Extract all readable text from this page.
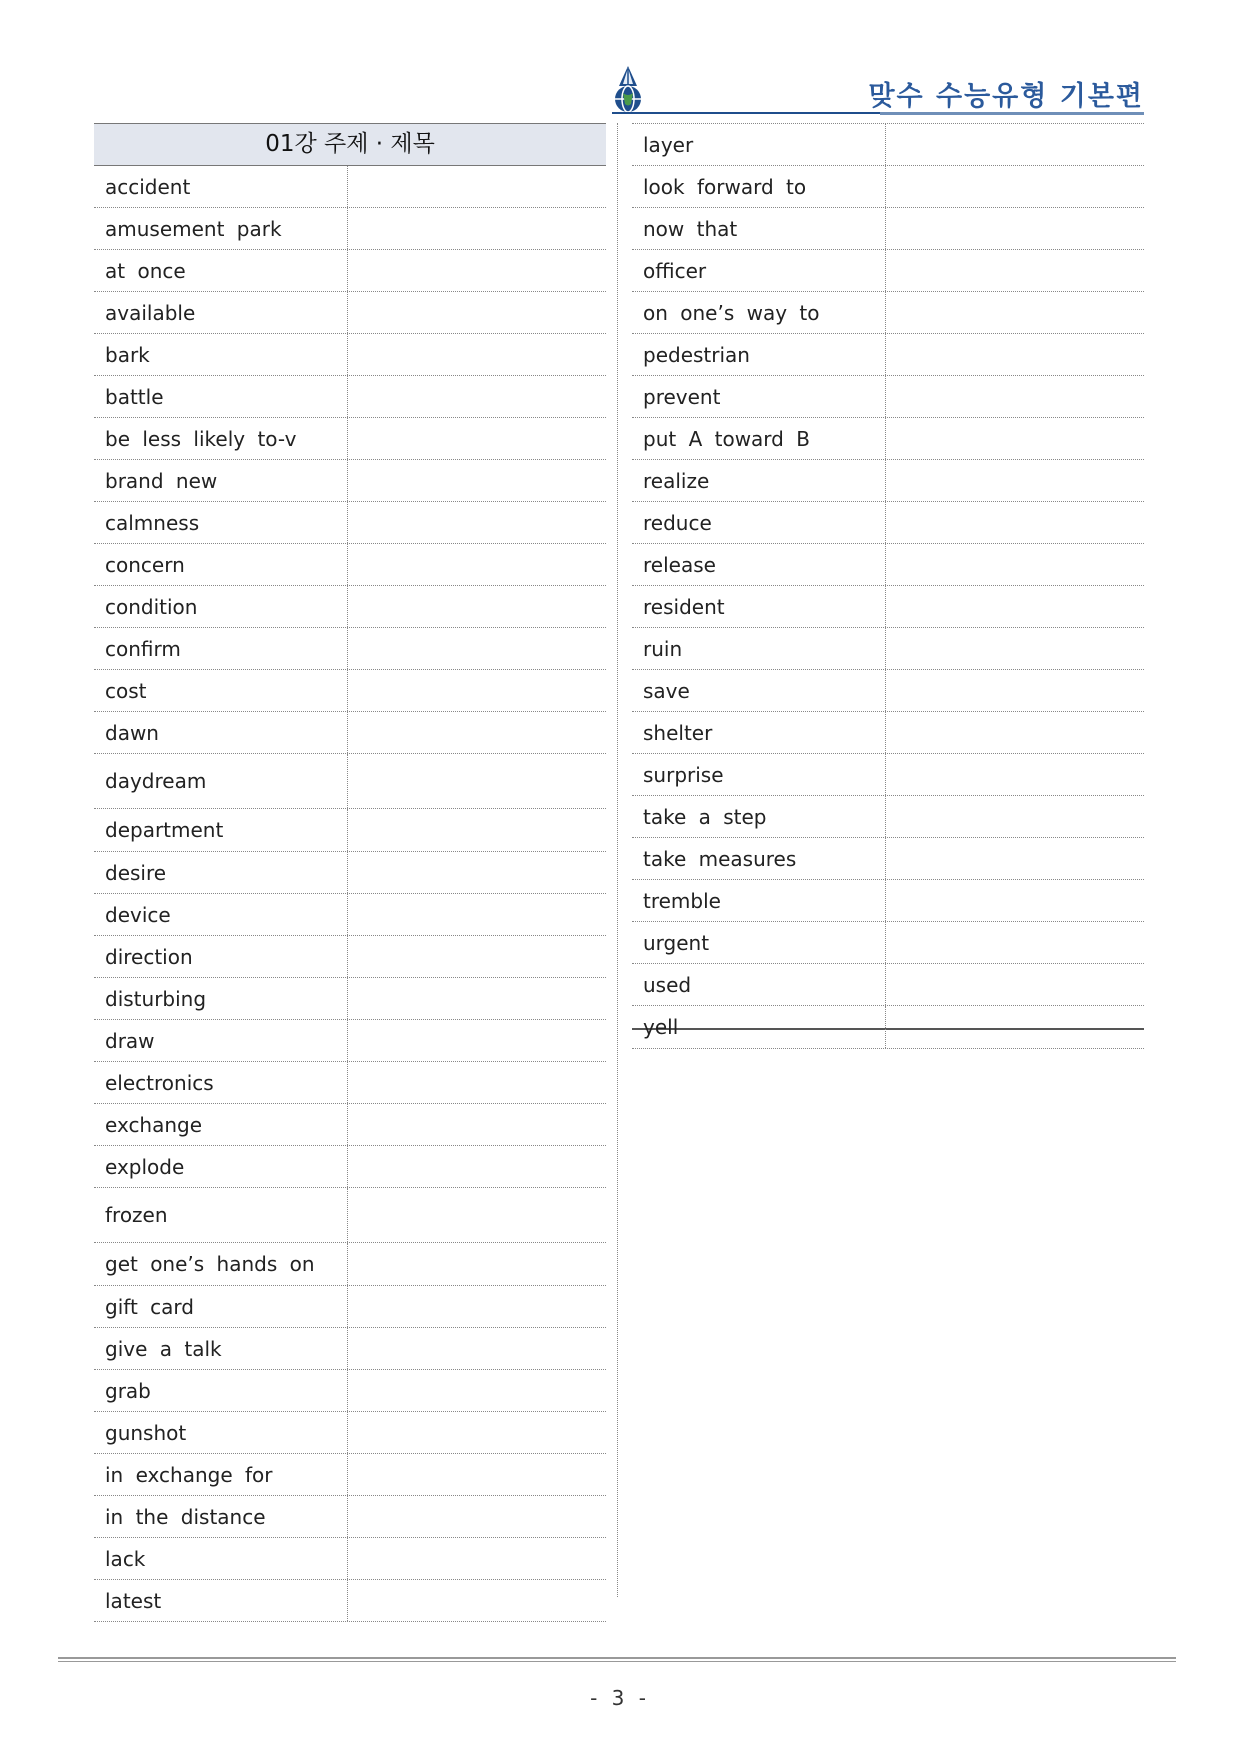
맞수 수능유형 기본편
01강 주제 · 제목
accident
amusement park
at once
available
bark
battle
be less likely to-v
brand new
calmness
concern
condition
confirm
cost
dawn
daydream
department
desire
device
direction
disturbing
draw
electronics
exchange
explode
frozen
get one’s hands on
gift card
give a talk
grab
gunshot
in exchange for
in the distance
lack
latest
layer
look forward to
now that
officer
on one’s way to
pedestrian
prevent
put A toward B
realize
reduce
release
resident
ruin
save
shelter
surprise
take a step
take measures
tremble
urgent
used
yell
- 3 -
